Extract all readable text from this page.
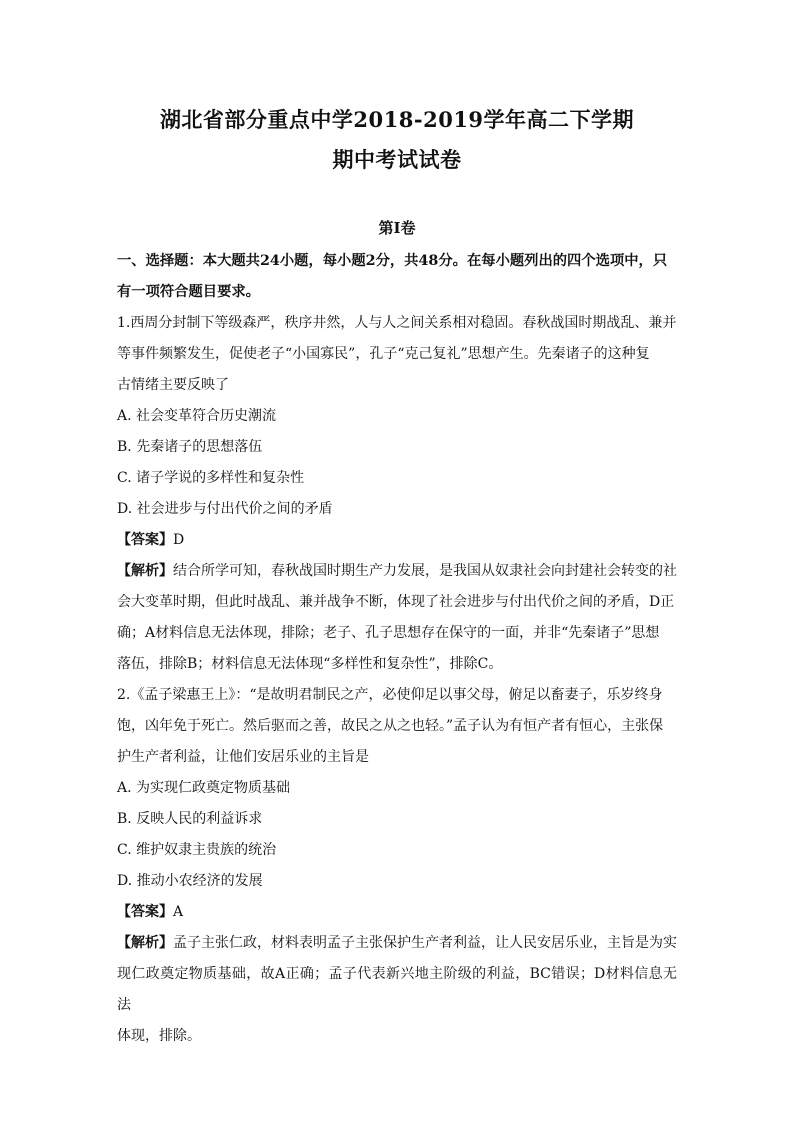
湖北省部分重点中学2018-2019学年高二下学期
期中考试试卷
第I卷

一、选择题：本大题共24小题，每小题2分，共48分。在每小题列出的四个选项中，只

有一项符合题目要求。

1.西周分封制下等级森严，秩序井然，人与人之间关系相对稳固。春秋战国时期战乱、兼并

等事件频繁发生，促使老子“小国寡民”，孔子“克己复礼”思想产生。先秦诸子的这种复

古情绪主要反映了

A. 社会变革符合历史潮流

B. 先秦诸子的思想落伍

C. 诸子学说的多样性和复杂性

D. 社会进步与付出代价之间的矛盾

【答案】D

【解析】结合所学可知，春秋战国时期生产力发展，是我国从奴隶社会向封建社会转变的社

会大变革时期，但此时战乱、兼并战争不断，体现了社会进步与付出代价之间的矛盾，D正

确；A材料信息无法体现，排除；老子、孔子思想存在保守的一面，并非“先秦诸子”思想

落伍，排除B；材料信息无法体现“多样性和复杂性”，排除C。

2.《孟子梁惠王上》：“是故明君制民之产，必使仰足以事父母，俯足以畜妻子，乐岁终身

饱，凶年免于死亡。然后驱而之善，故民之从之也轻。”孟子认为有恒产者有恒心，主张保

护生产者利益，让他们安居乐业的主旨是

A. 为实现仁政奠定物质基础

B. 反映人民的利益诉求

C. 维护奴隶主贵族的统治

D. 推动小农经济的发展

【答案】A

【解析】孟子主张仁政，材料表明孟子主张保护生产者利益，让人民安居乐业，主旨是为实

现仁政奠定物质基础，故A正确；孟子代表新兴地主阶级的利益，BC错误；D材料信息无法

体现，排除。
